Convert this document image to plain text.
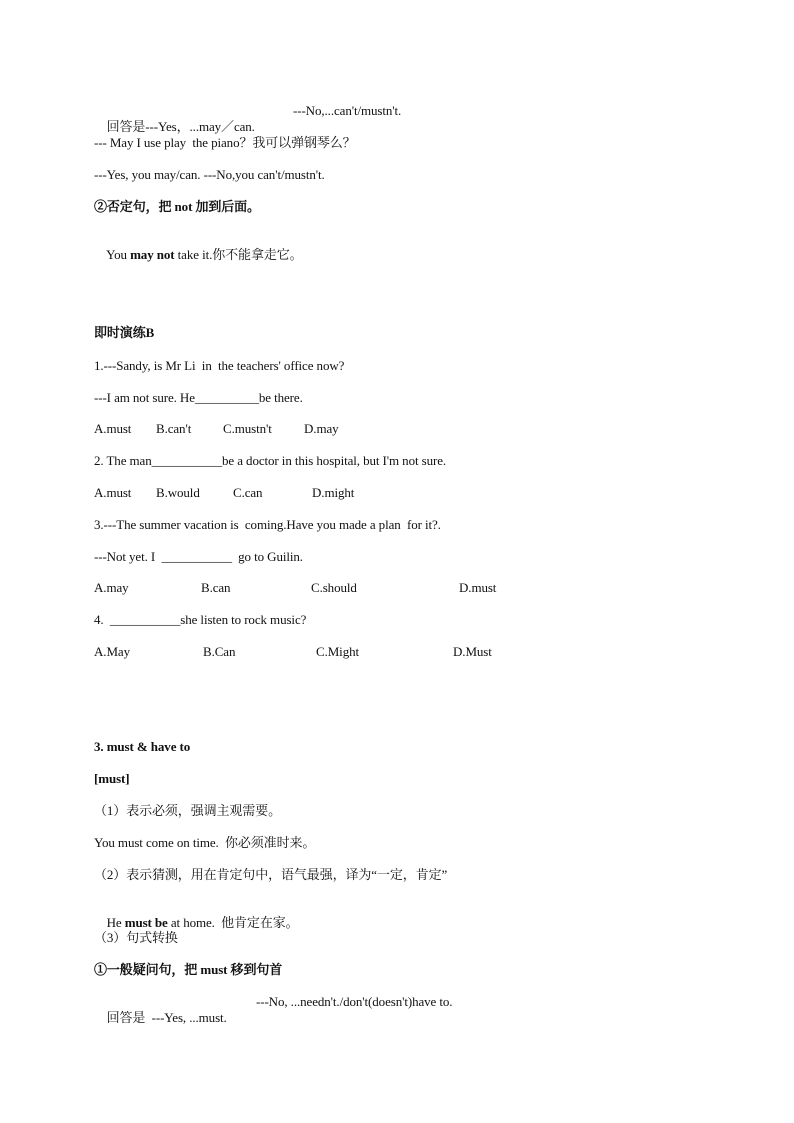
回答是---Yes，...may／can.

---No,...can't/mustn't.

--- May I use play  the piano？我可以弹钢琴么？
---Yes, you may/can. ---No,you can't/mustn't.
②否定句，把 not 加到后面。

You may not take it.你不能拿走它。

即时演练B
1.---Sandy, is Mr Li  in  the teachers' office now?
---I am not sure. He__________be there.

A.must

B.can't

C.mustn't

D.may

2. The man___________be a doctor in this hospital, but I'm not sure.

A.must

B.would

	C.can

	D.might

3.---The summer vacation is  coming.Have you made a plan  for it?.
---Not yet. I  ___________  go to Guilin.

A.may

	B.can

	C.should

	D.must

4.  ___________she listen to rock music?

A.May

	B.Can

	C.Might

	D.Must

3. must & have to
[must]
（1）表示必须，强调主观需要。
You must come on time.  你必须准时来。
（2）表示猜测，用在肯定句中，语气最强，译为“一定，肯定”

He must be at home.  他肯定在家。

（3）句式转换
①一般疑问句，把 must 移到句首

回答是  ---Yes, ...must.

---No, ...needn't./don't(doesn't)have to.
